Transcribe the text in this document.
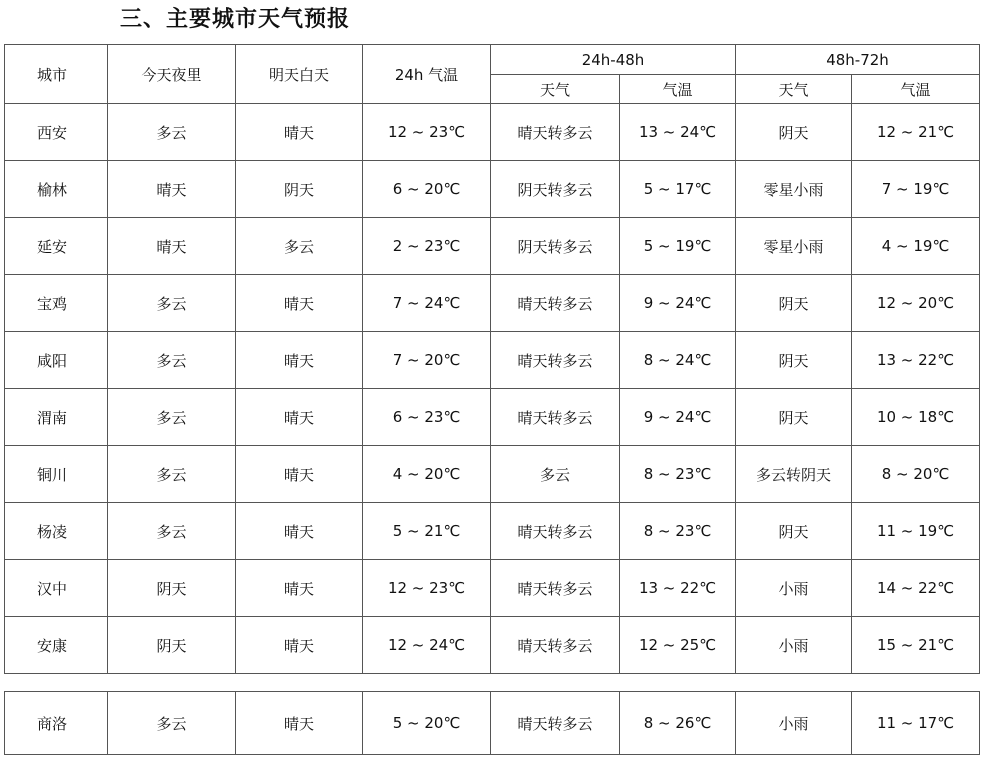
三、主要城市天气预报
城市	今天夜里	明天白天	24h 气温	24h-48h		48h-72h	
				天气	气温	天气	气温
西安	多云	晴天	12 ~ 23℃	晴天转多云	13 ~ 24℃	阴天	12 ~ 21℃
榆林	晴天	阴天	6 ~ 20℃	阴天转多云	5 ~ 17℃	零星小雨	7 ~ 19℃
延安	晴天	多云	2 ~ 23℃	阴天转多云	5 ~ 19℃	零星小雨	4 ~ 19℃
宝鸡	多云	晴天	7 ~ 24℃	晴天转多云	9 ~ 24℃	阴天	12 ~ 20℃
咸阳	多云	晴天	7 ~ 20℃	晴天转多云	8 ~ 24℃	阴天	13 ~ 22℃
渭南	多云	晴天	6 ~ 23℃	晴天转多云	9 ~ 24℃	阴天	10 ~ 18℃
铜川	多云	晴天	4 ~ 20℃	多云	8 ~ 23℃	多云转阴天	8 ~ 20℃
杨凌	多云	晴天	5 ~ 21℃	晴天转多云	8 ~ 23℃	阴天	11 ~ 19℃
汉中	阴天	晴天	12 ~ 23℃	晴天转多云	13 ~ 22℃	小雨	14 ~ 22℃
安康	阴天	晴天	12 ~ 24℃	晴天转多云	12 ~ 25℃	小雨	15 ~ 21℃
商洛	多云	晴天	5 ~ 20℃	晴天转多云	8 ~ 26℃	小雨	11 ~ 17℃
